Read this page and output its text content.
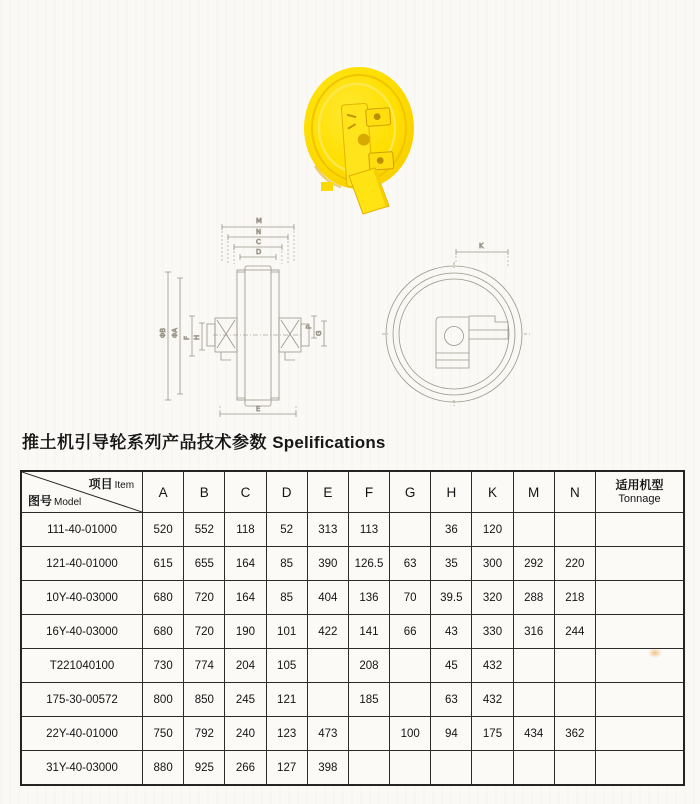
M
N
C
D
E
ΦB ΦA
F H
P
G
K
推土机引导轮系列产品技术参数 Spelifications
项目 Item
图号 Model	A	B	C	D	E	F	G	H	K	M	N	适用机型
Tonnage

111-40-01000	520	552	118	52	313	113		36	120			
121-40-01000	615	655	164	85	390	126.5	63	35	300	292	220	
10Y-40-03000	680	720	164	85	404	136	70	39.5	320	288	218	
16Y-40-03000	680	720	190	101	422	141	66	43	330	316	244	
T221040100	730	774	204	105		208		45	432			
175-30-00572	800	850	245	121		185		63	432			
22Y-40-01000	750	792	240	123	473		100	94	175	434	362	
31Y-40-03000	880	925	266	127	398							
